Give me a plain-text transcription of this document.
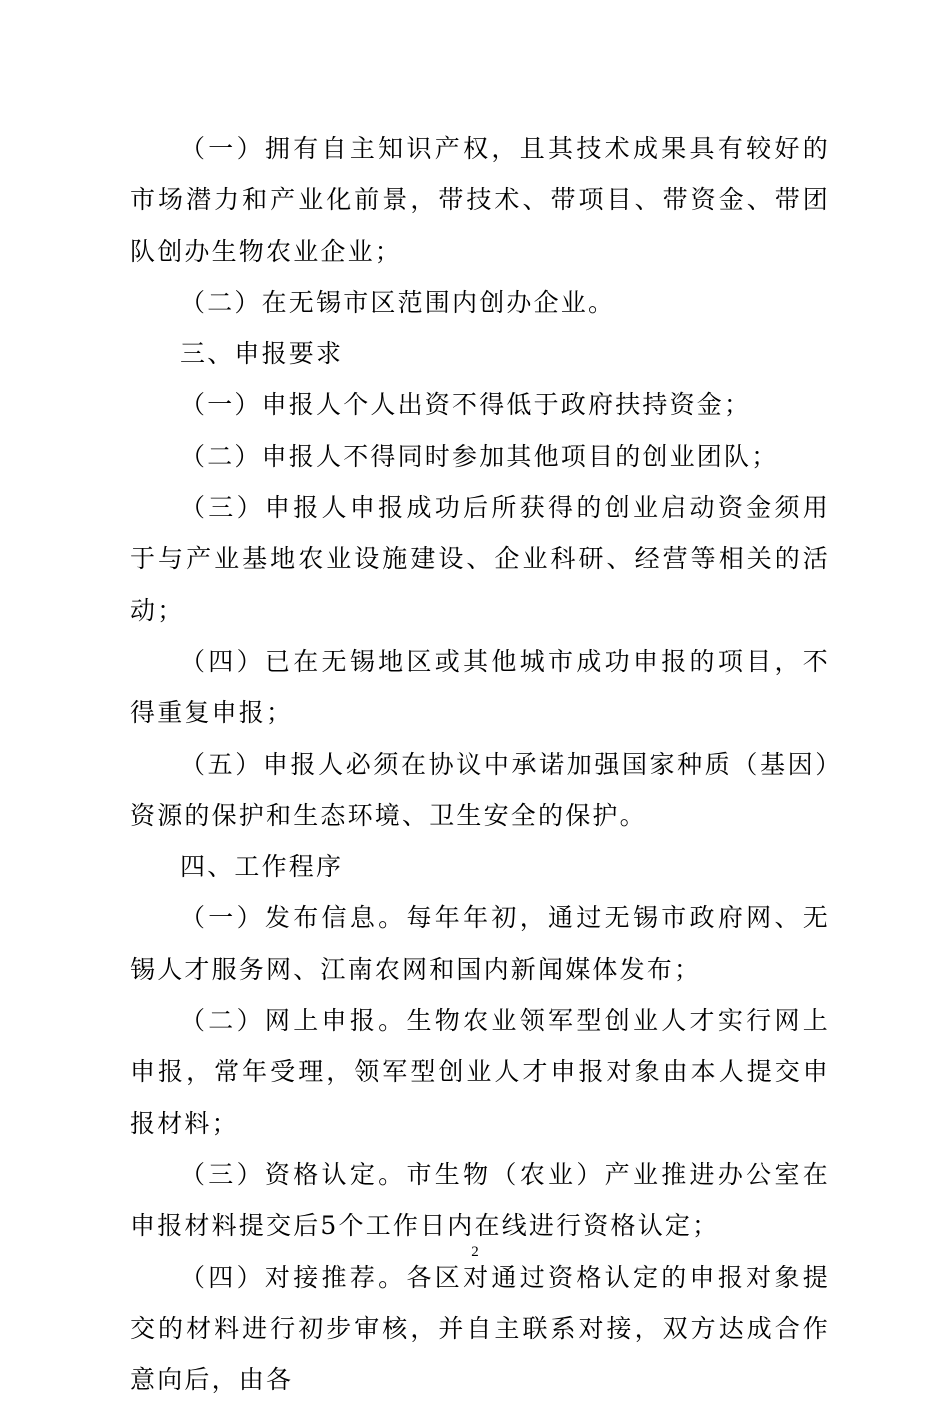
（一）拥有自主知识产权，且其技术成果具有较好的市场潜力和产业化前景，带技术、带项目、带资金、带团队创办生物农业企业；

（二）在无锡市区范围内创办企业。

三、申报要求

（一）申报人个人出资不得低于政府扶持资金；

（二）申报人不得同时参加其他项目的创业团队；

（三）申报人申报成功后所获得的创业启动资金须用于与产业基地农业设施建设、企业科研、经营等相关的活动；

（四）已在无锡地区或其他城市成功申报的项目，不得重复申报；

（五）申报人必须在协议中承诺加强国家种质（基因）资源的保护和生态环境、卫生安全的保护。

四、工作程序

（一）发布信息。每年年初，通过无锡市政府网、无锡人才服务网、江南农网和国内新闻媒体发布；

（二）网上申报。生物农业领军型创业人才实行网上申报，常年受理，领军型创业人才申报对象由本人提交申报材料；

（三）资格认定。市生物（农业）产业推进办公室在申报材料提交后5个工作日内在线进行资格认定；

（四）对接推荐。各区对通过资格认定的申报对象提交的材料进行初步审核，并自主联系对接，双方达成合作意向后，由各

2
